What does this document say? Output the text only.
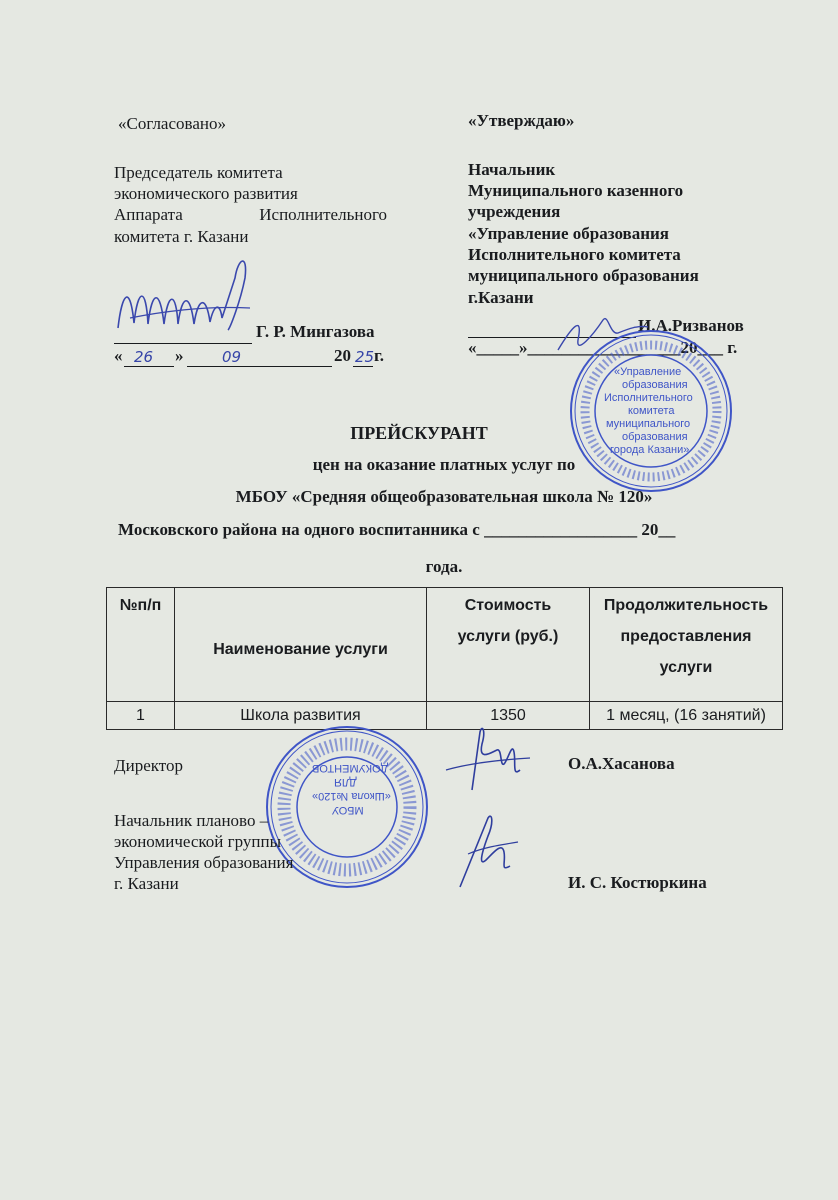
«Согласовано»
Председатель комитета
экономического развития
Аппарата Исполнительного
комитета г. Казани
Г. Р. Мингазова
« 26 »	09	20 25 г.
«Утверждаю»
Начальник
Муниципального казенного
учреждения
«Управление образования
Исполнительного комитета
муниципального образования
г.Казани
И.А.Ризванов
«_____»__________________20___ г.
«Управление
образования
Исполнительного
комитета
муниципального
образования
города Казани»
ПРЕЙСКУРАНТ
цен на оказание платных услуг по
МБОУ «Средняя общеобразовательная школа № 120»
Московского района на одного воспитанника с __________________ 20__
года.
№п/п	Наименование услуги	Стоимость услуги (руб.)	Продолжительность предоставления услуги
1	Школа развития	1350	1 месяц, (16 занятий)
Директор	О.А.Хасанова
МБОУ
«Школа №120»
ДЛЯ
ДОКУМЕНТОВ
Начальник планово –
экономической группы
Управления образования
г. Казани	И. С. Костюркина
